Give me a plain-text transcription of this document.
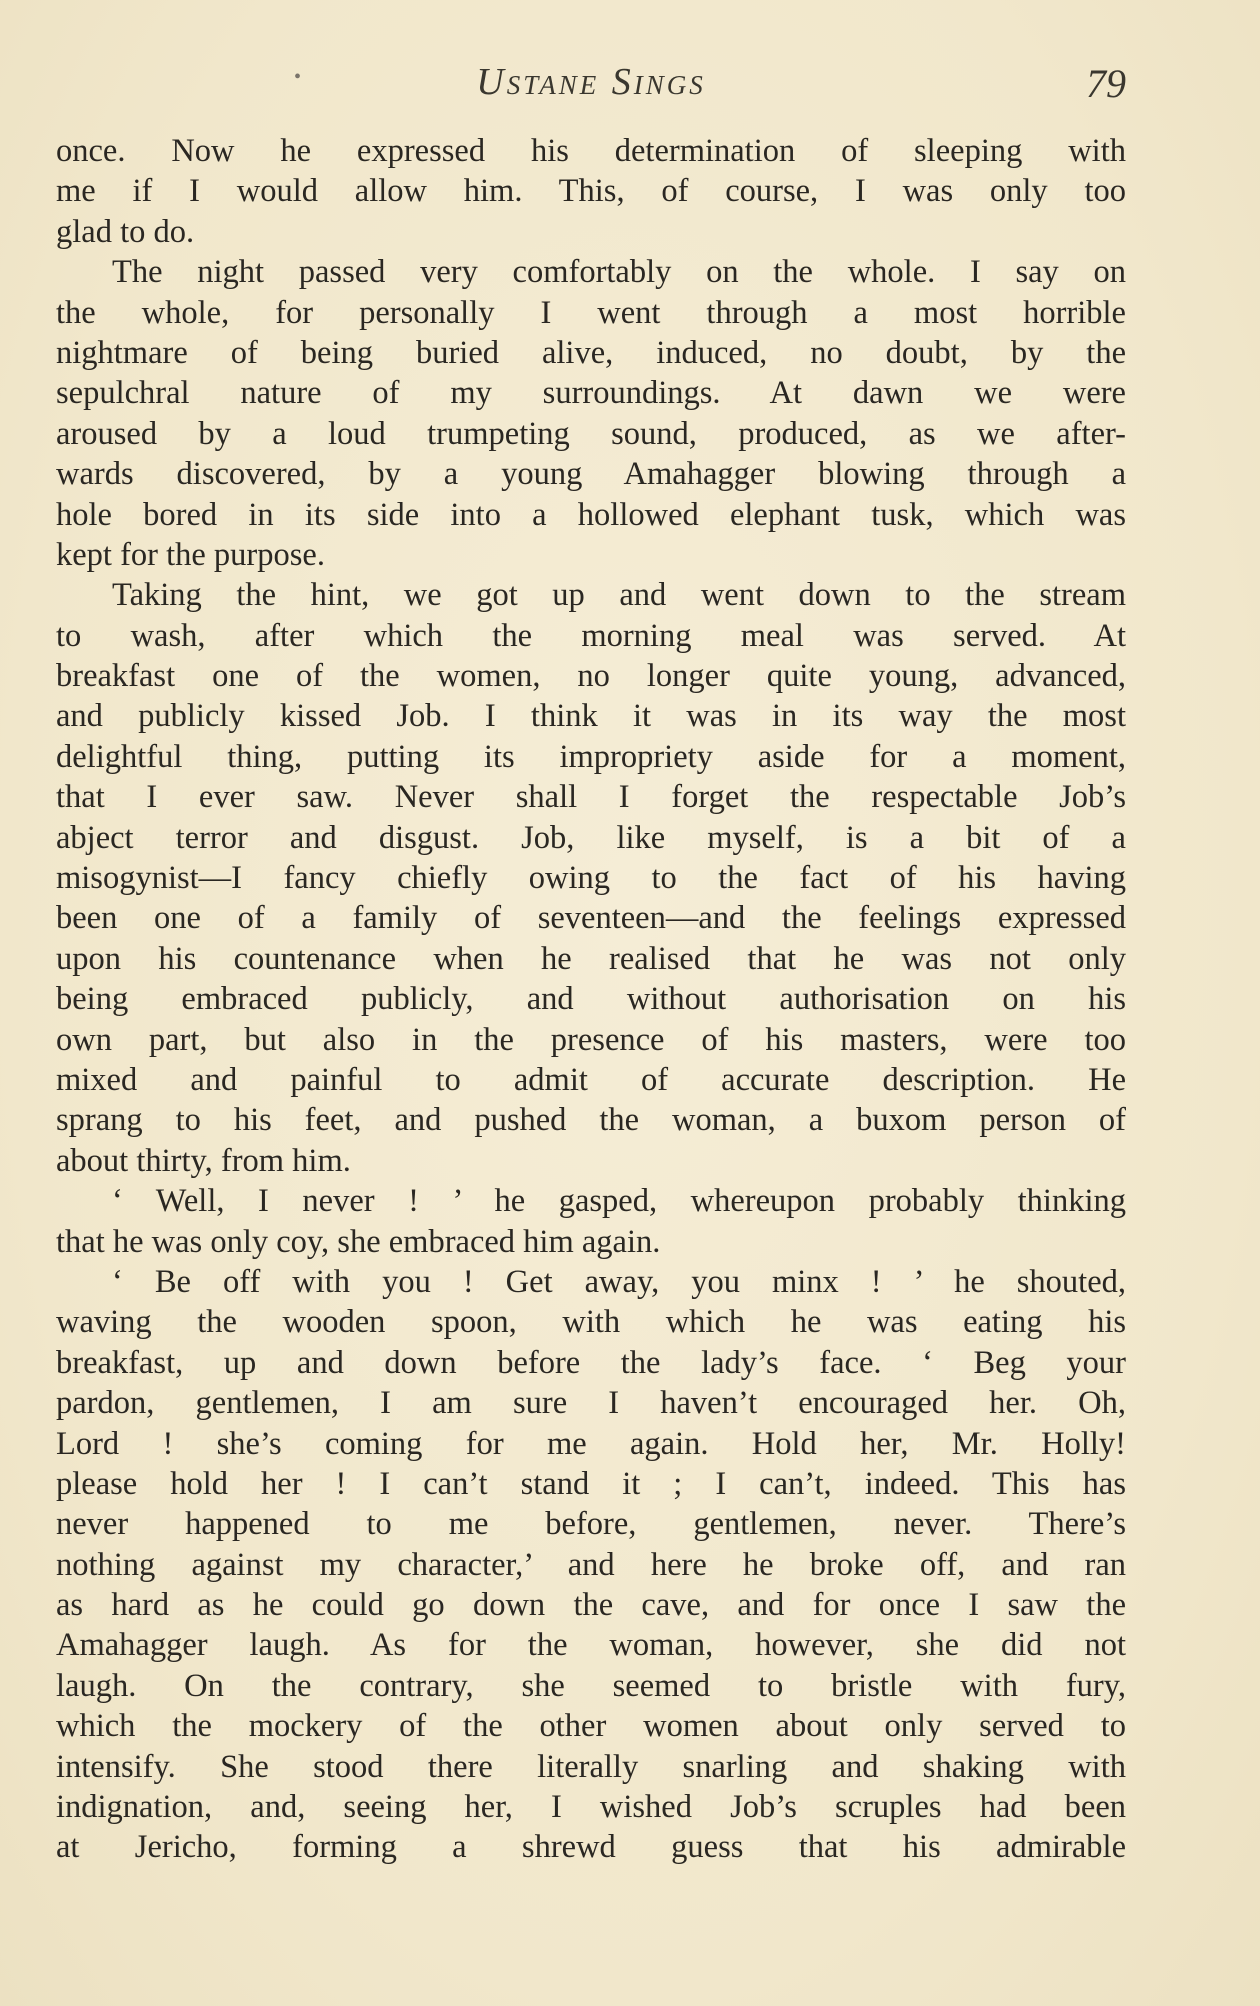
•	Ustane Sings	79
once. Now he expressed his determination of sleeping with
me if I would allow him. This, of course, I was only too
glad to do.
The night passed very comfortably on the whole. I say on
the whole, for personally I went through a most horrible
nightmare of being buried alive, induced, no doubt, by the
sepulchral nature of my surroundings. At dawn we were
aroused by a loud trumpeting sound, produced, as we after-
wards discovered, by a young Amahagger blowing through a
hole bored in its side into a hollowed elephant tusk, which was
kept for the purpose.
Taking the hint, we got up and went down to the stream
to wash, after which the morning meal was served. At
breakfast one of the women, no longer quite young, advanced,
and publicly kissed Job. I think it was in its way the most
delightful thing, putting its impropriety aside for a moment,
that I ever saw. Never shall I forget the respectable Job’s
abject terror and disgust. Job, like myself, is a bit of a
misogynist—I fancy chiefly owing to the fact of his having
been one of a family of seventeen—and the feelings expressed
upon his countenance when he realised that he was not only
being embraced publicly, and without authorisation on his
own part, but also in the presence of his masters, were too
mixed and painful to admit of accurate description. He
sprang to his feet, and pushed the woman, a buxom person of
about thirty, from him.
‘ Well, I never ! ’ he gasped, whereupon probably thinking
that he was only coy, she embraced him again.
‘ Be off with you ! Get away, you minx ! ’ he shouted,
waving the wooden spoon, with which he was eating his
breakfast, up and down before the lady’s face. ‘ Beg your
pardon, gentlemen, I am sure I haven’t encouraged her. Oh,
Lord ! she’s coming for me again. Hold her, Mr. Holly!
please hold her ! I can’t stand it ; I can’t, indeed. This has
never happened to me before, gentlemen, never. There’s
nothing against my character,’ and here he broke off, and ran
as hard as he could go down the cave, and for once I saw the
Amahagger laugh. As for the woman, however, she did not
laugh. On the contrary, she seemed to bristle with fury,
which the mockery of the other women about only served to
intensify. She stood there literally snarling and shaking with
indignation, and, seeing her, I wished Job’s scruples had been
at Jericho, forming a shrewd guess that his admirable
